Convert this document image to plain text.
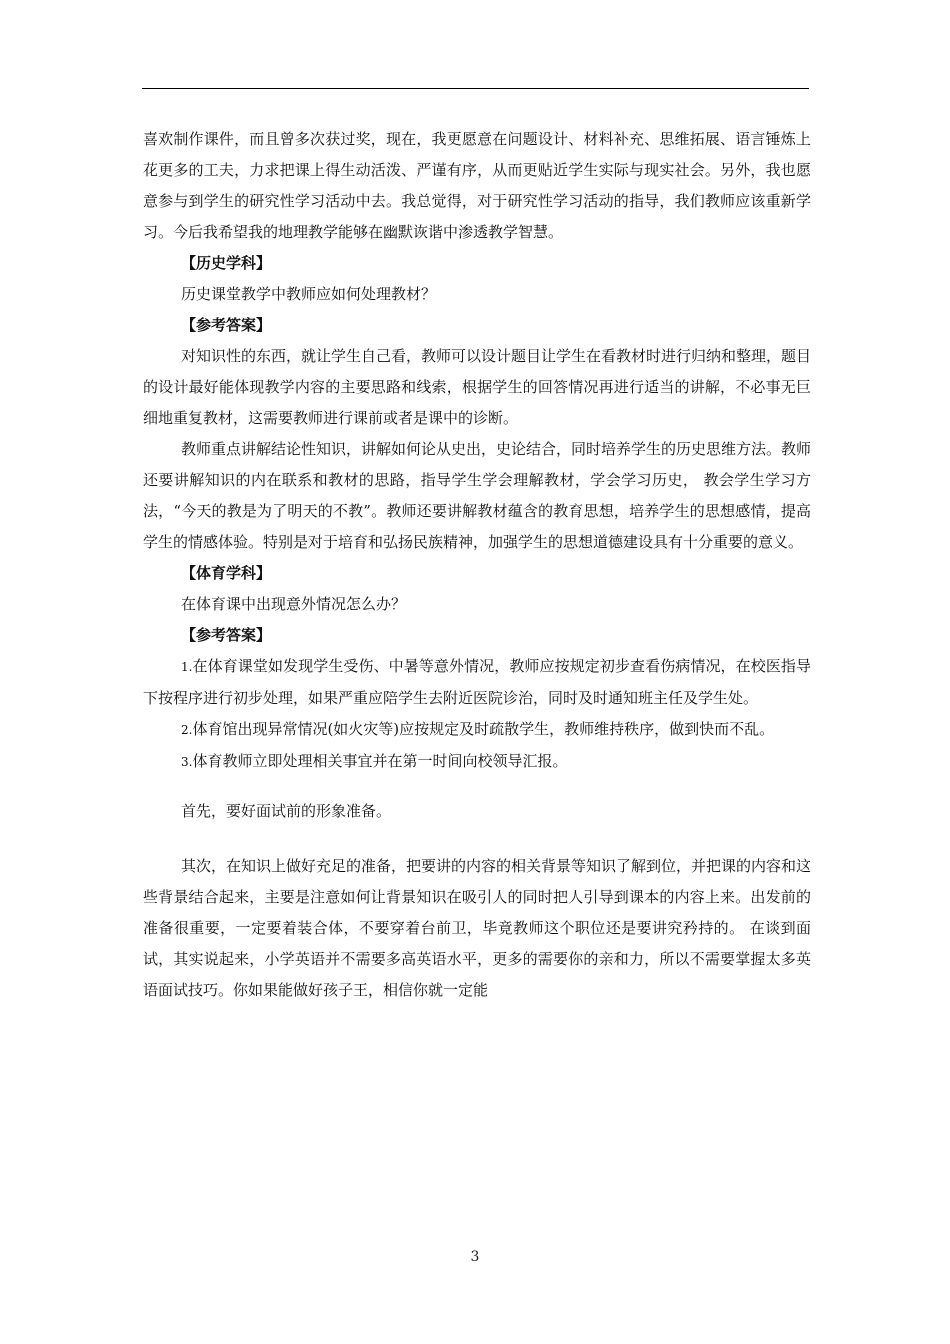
喜欢制作课件，而且曾多次获过奖，现在，我更愿意在问题设计、材料补充、思维拓展、语言锤炼上花更多的工夫，力求把课上得生动活泼、严谨有序，从而更贴近学生实际与现实社会。另外，我也愿意参与到学生的研究性学习活动中去。我总觉得，对于研究性学习活动的指导，我们教师应该重新学习。今后我希望我的地理教学能够在幽默诙谐中渗透教学智慧。

【历史学科】

历史课堂教学中教师应如何处理教材？

【参考答案】

对知识性的东西，就让学生自己看，教师可以设计题目让学生在看教材时进行归纳和整理，题目的设计最好能体现教学内容的主要思路和线索，根据学生的回答情况再进行适当的讲解，不必事无巨细地重复教材，这需要教师进行课前或者是课中的诊断。

教师重点讲解结论性知识，讲解如何论从史出，史论结合，同时培养学生的历史思维方法。教师还要讲解知识的内在联系和教材的思路，指导学生学会理解教材，学会学习历史， 教会学生学习方法，“今天的教是为了明天的不教”。教师还要讲解教材蕴含的教育思想，培养学生的思想感情，提高学生的情感体验。特别是对于培育和弘扬民族精神，加强学生的思想道德建设具有十分重要的意义。

【体育学科】

在体育课中出现意外情况怎么办？

【参考答案】

1.在体育课堂如发现学生受伤、中暑等意外情况，教师应按规定初步查看伤病情况，在校医指导下按程序进行初步处理，如果严重应陪学生去附近医院诊治，同时及时通知班主任及学生处。

2.体育馆出现异常情况(如火灾等)应按规定及时疏散学生，教师维持秩序，做到快而不乱。

3.体育教师立即处理相关事宜并在第一时间向校领导汇报。

首先，要好面试前的形象准备。

其次，在知识上做好充足的准备，把要讲的内容的相关背景等知识了解到位，并把课的内容和这些背景结合起来，主要是注意如何让背景知识在吸引人的同时把人引导到课本的内容上来。出发前的准备很重要，一定要着装合体，不要穿着台前卫，毕竟教师这个职位还是要讲究矜持的。 在谈到面试，其实说起来，小学英语并不需要多高英语水平，更多的需要你的亲和力，所以不需要掌握太多英语面试技巧。你如果能做好孩子王，相信你就一定能

3
